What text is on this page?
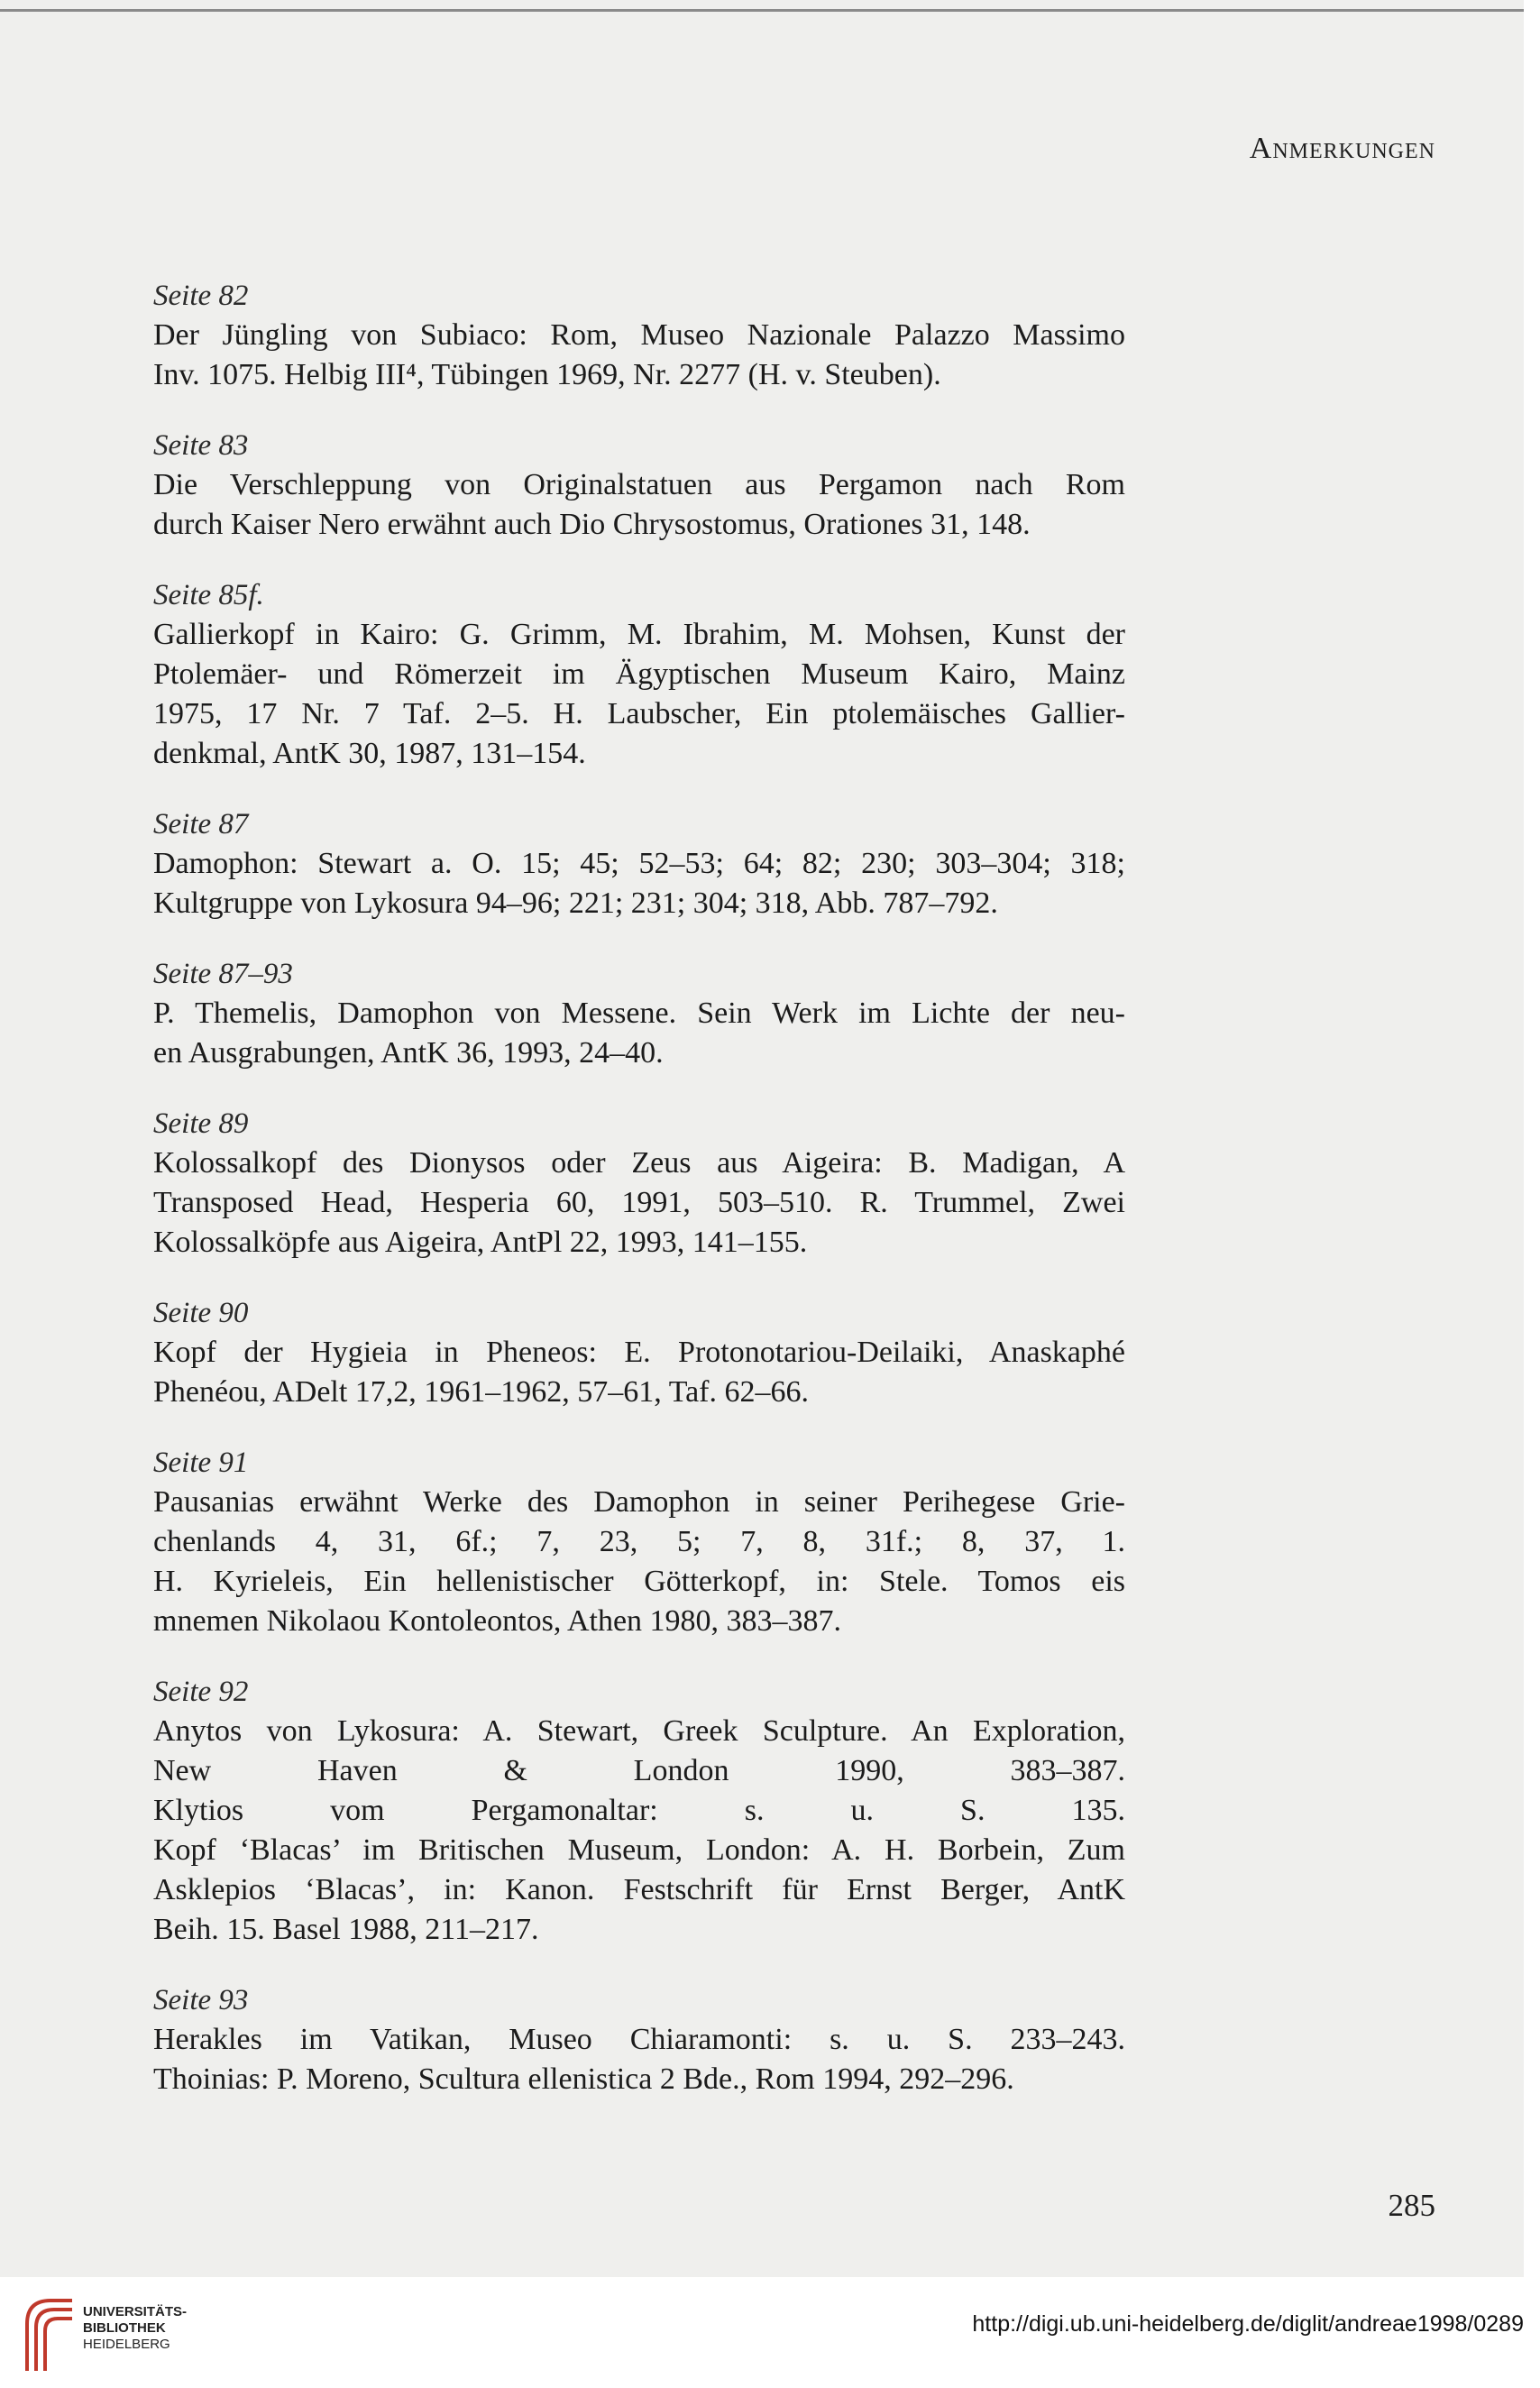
Anmerkungen
Seite 82
Der Jüngling von Subiaco: Rom, Museo Nazionale Palazzo Massimo
Inv. 1075. Helbig III⁴, Tübingen 1969, Nr. 2277 (H. v. Steuben).
Seite 83
Die Verschleppung von Originalstatuen aus Pergamon nach Rom
durch Kaiser Nero erwähnt auch Dio Chrysostomus, Orationes 31, 148.
Seite 85f.
Gallierkopf in Kairo: G. Grimm, M. Ibrahim, M. Mohsen, Kunst der
Ptolemäer- und Römerzeit im Ägyptischen Museum Kairo, Mainz
1975, 17 Nr. 7 Taf. 2–5. H. Laubscher, Ein ptolemäisches Gallier-
denkmal, AntK 30, 1987, 131–154.
Seite 87
Damophon: Stewart a. O. 15; 45; 52–53; 64; 82; 230; 303–304; 318;
Kultgruppe von Lykosura 94–96; 221; 231; 304; 318, Abb. 787–792.
Seite 87–93
P. Themelis, Damophon von Messene. Sein Werk im Lichte der neu-
en Ausgrabungen, AntK 36, 1993, 24–40.
Seite 89
Kolossalkopf des Dionysos oder Zeus aus Aigeira: B. Madigan, A
Transposed Head, Hesperia 60, 1991, 503–510. R. Trummel, Zwei
Kolossalköpfe aus Aigeira, AntPl 22, 1993, 141–155.
Seite 90
Kopf der Hygieia in Pheneos: E. Protonotariou-Deilaiki, Anaskaphé
Phenéou, ADelt 17,2, 1961–1962, 57–61, Taf. 62–66.
Seite 91
Pausanias erwähnt Werke des Damophon in seiner Perihegese Grie-
chenlands 4, 31, 6f.; 7, 23, 5; 7, 8, 31f.; 8, 37, 1.
H. Kyrieleis, Ein hellenistischer Götterkopf, in: Stele. Tomos eis
mnemen Nikolaou Kontoleontos, Athen 1980, 383–387.
Seite 92
Anytos von Lykosura: A. Stewart, Greek Sculpture. An Exploration,
New Haven & London 1990, 383–387.
Klytios vom Pergamonaltar: s. u. S. 135.
Kopf ‘Blacas’ im Britischen Museum, London: A. H. Borbein, Zum
Asklepios ‘Blacas’, in: Kanon. Festschrift für Ernst Berger, AntK
Beih. 15. Basel 1988, 211–217.
Seite 93
Herakles im Vatikan, Museo Chiaramonti: s. u. S. 233–243.
Thoinias: P. Moreno, Scultura ellenistica 2 Bde., Rom 1994, 292–296.
285
UNIVERSITÄTS-
BIBLIOTHEK
HEIDELBERG
http://digi.ub.uni-heidelberg.de/diglit/andreae1998/0289
